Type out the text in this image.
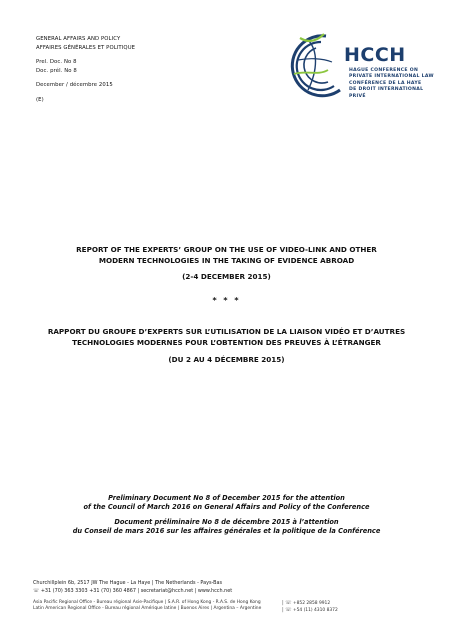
GENERAL AFFAIRS AND POLICY
AFFAIRES GÉNÉRALES ET POLITIQUE
Prel. Doc. No 8
Doc. prél. No 8
December / décembre 2015
(E)
HCCH
HAGUE CONFERENCE ON
PRIVATE INTERNATIONAL LAW
CONFÉRENCE DE LA HAYE
DE DROIT INTERNATIONAL PRIVÉ
REPORT OF THE EXPERTS’ GROUP ON THE USE OF VIDEO-LINK AND OTHER
MODERN TECHNOLOGIES IN THE TAKING OF EVIDENCE ABROAD
(2-4 DECEMBER 2015)
* * *
RAPPORT DU GROUPE D’EXPERTS SUR L’UTILISATION DE LA LIAISON VIDÉO ET D’AUTRES
TECHNOLOGIES MODERNES POUR L’OBTENTION DES PREUVES À L’ÉTRANGER
(DU 2 AU 4 DÉCEMBRE 2015)
Preliminary Document No 8 of December 2015 for the attention
of the Council of March 2016 on General Affairs and Policy of the Conference
Document préliminaire No 8 de décembre 2015 à l’attention
du Conseil de mars 2016 sur les affaires générales et la politique de la Conférence
Churchillplein 6b, 2517 JW The Hague - La Haye | The Netherlands - Pays-Bas
☏ +31 (70) 363 3303 +31 (70) 360 4867 | secretariat@hcch.net | www.hcch.net
Asia Pacific Regional Office - Bureau régional Asie-Pacifique | S.A.R. of Hong Kong - R.A.S. de Hong Kong
Latin American Regional Office - Bureau régional Amérique latine | Buenos Aires | Argentina – Argentine
| ☏ +852 2858 9912
| ☏ +54 (11) 4310 8372
